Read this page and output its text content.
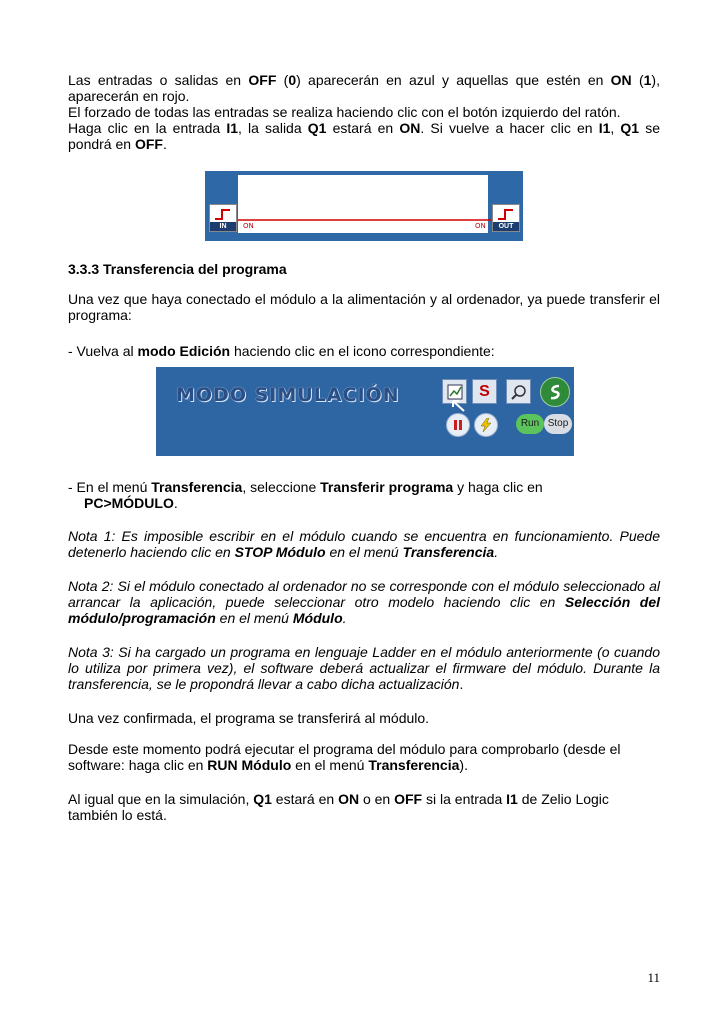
Las entradas o salidas en OFF (0) aparecerán en azul y aquellas que estén en ON (1), aparecerán en rojo.
El forzado de todas las entradas se realiza haciendo clic con el botón izquierdo del ratón.
Haga clic en la entrada I1, la salida Q1 estará en ON. Si vuelve a hacer clic en I1, Q1 se pondrá en OFF.
IN	ON	ON	OUT
3.3.3 Transferencia del programa
Una vez que haya conectado el módulo a la alimentación y al ordenador, ya puede transferir el programa:
- Vuelva al modo Edición haciendo clic en el icono correspondiente:
MODO SIMULACIÓN	S
Run Stop
- En el menú Transferencia, seleccione Transferir programa y haga clic en
PC>MÓDULO.
Nota 1: Es imposible escribir en el módulo cuando se encuentra en funcionamiento. Puede detenerlo haciendo clic en STOP Módulo en el menú Transferencia.
Nota 2: Si el módulo conectado al ordenador no se corresponde con el módulo seleccionado al arrancar la aplicación, puede seleccionar otro modelo haciendo clic en Selección del módulo/programación en el menú Módulo.
Nota 3: Si ha cargado un programa en lenguaje Ladder en el módulo anteriormente (o cuando lo utiliza por primera vez), el software deberá actualizar el firmware del módulo. Durante la transferencia, se le propondrá llevar a cabo dicha actualización.
Una vez confirmada, el programa se transferirá al módulo.
Desde este momento podrá ejecutar el programa del módulo para comprobarlo (desde el software: haga clic en RUN Módulo en el menú Transferencia).
Al igual que en la simulación, Q1 estará en ON o en OFF si la entrada I1 de Zelio Logic también lo está.
11
